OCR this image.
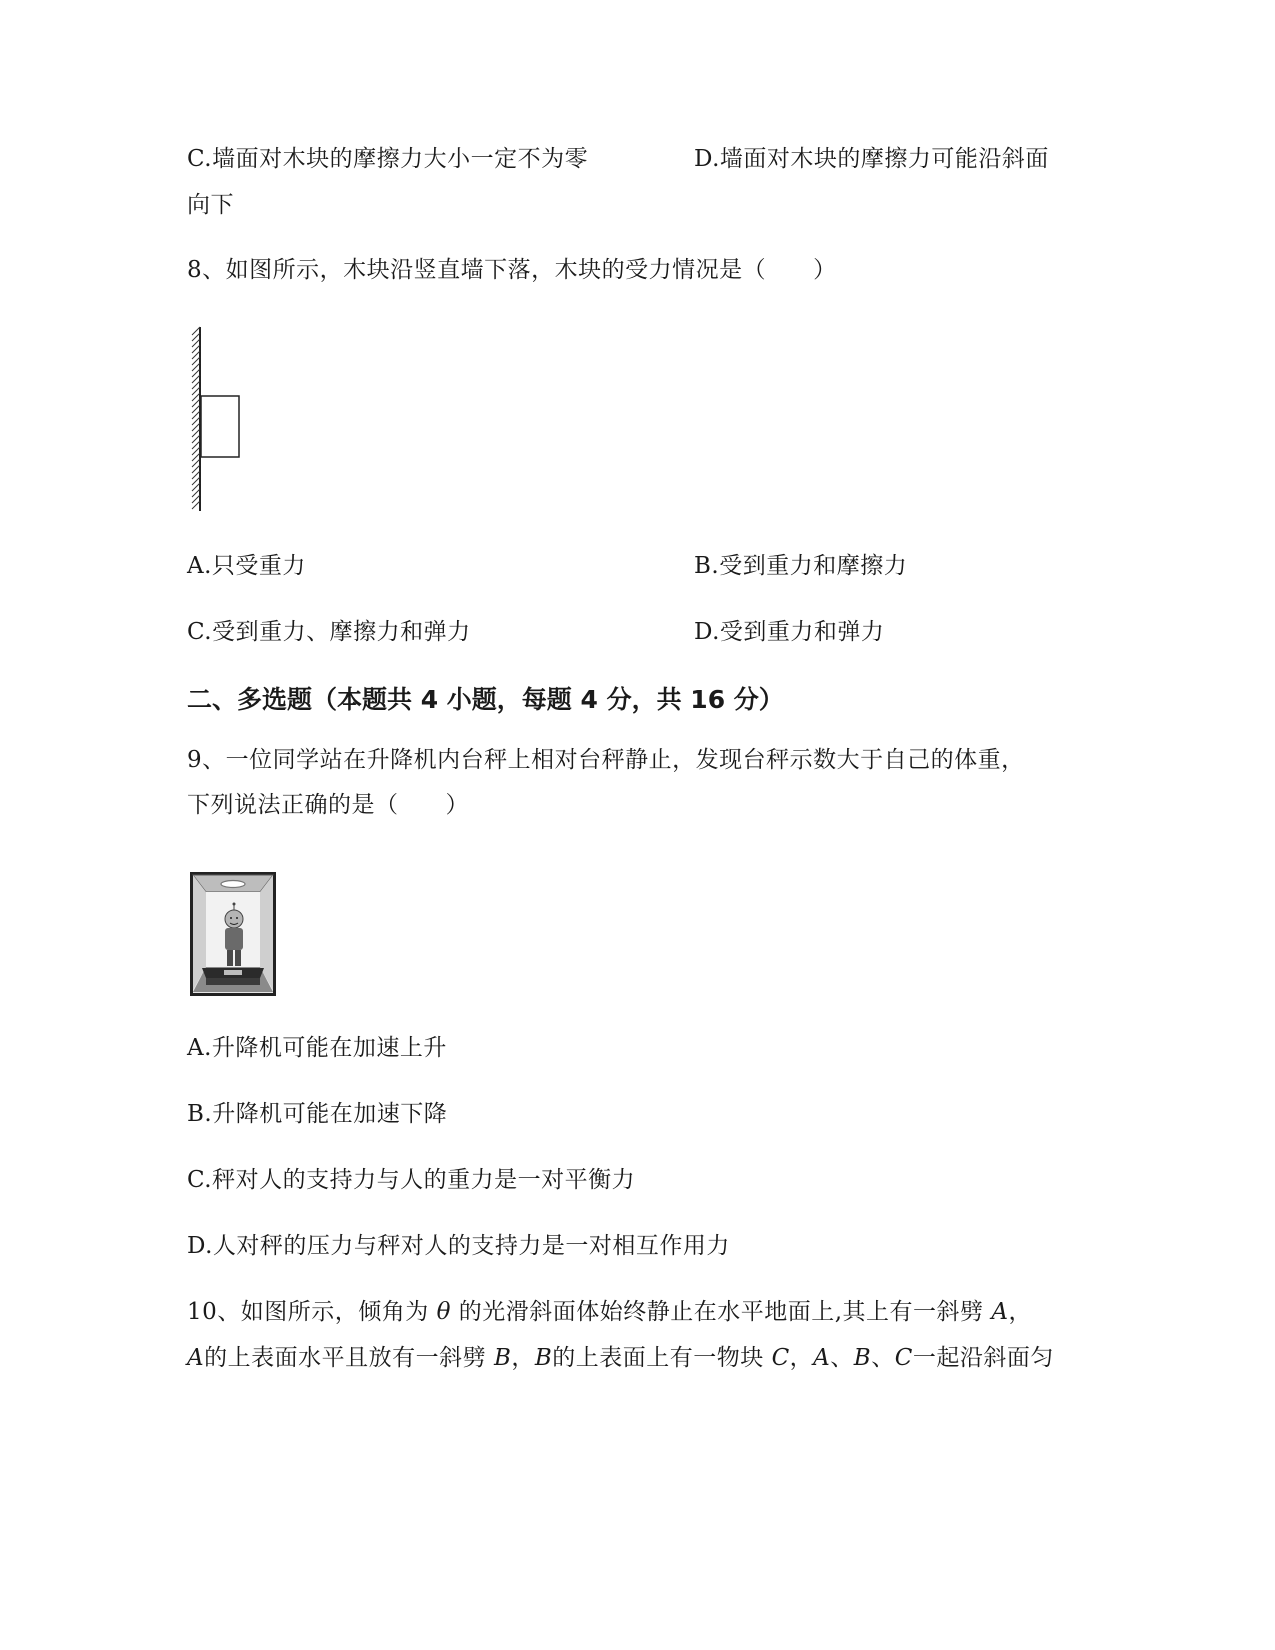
C.墙面对木块的摩擦力大小一定不为零	D.墙面对木块的摩擦力可能沿斜面
向下
8、如图所示，木块沿竖直墙下落，木块的受力情况是（　　）
A.只受重力	B.受到重力和摩擦力
C.受到重力、摩擦力和弹力	D.受到重力和弹力
二、多选题（本题共 4 小题，每题 4 分，共 16 分）
9、一位同学站在升降机内台秤上相对台秤静止，发现台秤示数大于自己的体重，
下列说法正确的是（　　）
A.升降机可能在加速上升
B.升降机可能在加速下降
C.秤对人的支持力与人的重力是一对平衡力
D.人对秤的压力与秤对人的支持力是一对相互作用力
10、如图所示，倾角为 θ 的光滑斜面体始终静止在水平地面上,其上有一斜劈 A，
A的上表面水平且放有一斜劈 B，B的上表面上有一物块 C，A、B、C一起沿斜面匀
